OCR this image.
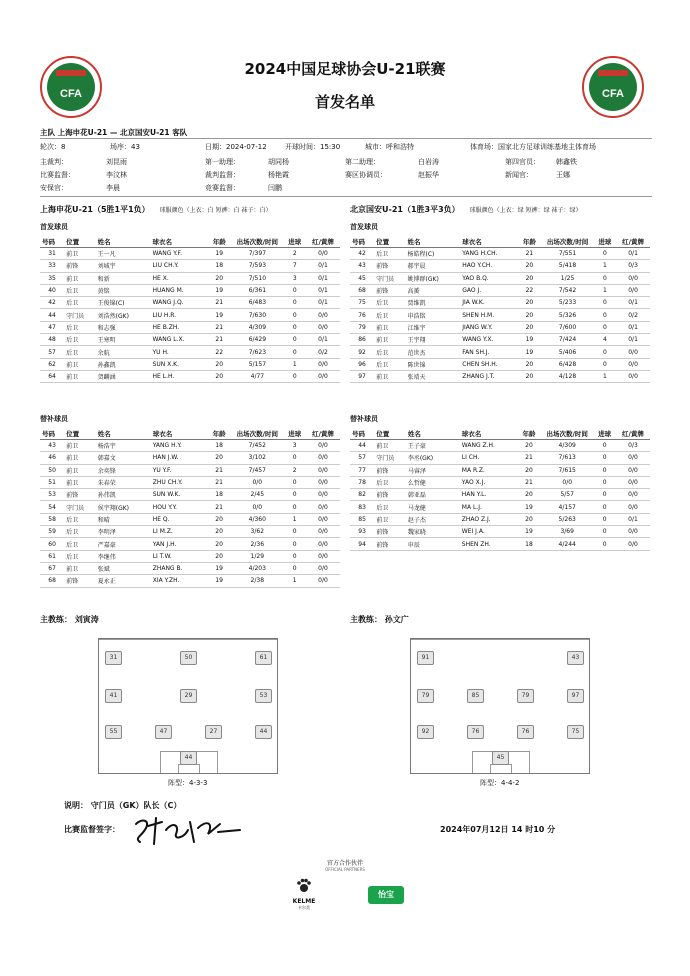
CFA	CFA
2024中国足球协会U-21联赛
首发名单
主队 上海申花U-21 — 北京国安U-21 客队
轮次：8	场序：43	日期：2024-07-12	开球时间：15:30	城市：呼和浩特	体育场：国家北方足球训练基地主体育场
主裁判：	刘昆雨	第一助理：	胡同杨	第二助理：	白岩涛	第四官员： 韩鑫铁
比赛监督：	李汶林	裁判监督：	杨艳霞	赛区协调员：	赵振华	新闻官：	王娜
安保官：	李晨	竞赛监督：	闫鹏
上海申花U-21（5胜1平1负） 球服颜色（上衣：白 短裤：白 袜子：白）
首发球员
号码	位置	姓名	球衣名	年龄	出场次数/时间	进球	红/黄牌
31	前卫	王一凡	WANG Y.F.	19	7/397	2	0/0
33	前锋	刘城宇	LIU CH.Y.	18	7/593	7	0/1
35	前卫	和新	HE X.	20	7/510	3	0/1
40	后卫	黄铭	HUANG M.	19	6/361	0	0/1
42	后卫	王俊锦(C)	WANG J.Q.	21	6/483	0	0/1
44	守门员	刘浩然(GK)	LIU H.R.	19	7/630	0	0/0
47	后卫	和志强	HE B.ZH.	21	4/309	0	0/0
48	后卫	王寒明	WANG L.X.	21	6/429	0	0/1
57	后卫	余航	YU H.	22	7/623	0	0/2
62	前卫	孙鑫凯	SUN X.K.	20	5/157	1	0/0
64	前卫	贺麟涵	HE L.H.	20	4/77	0	0/0
替补球员
号码	位置	姓名	球衣名	年龄	出场次数/时间	进球	红/黄牌
43	前卫	杨浩宇	YANG H.Y.	18	7/452	3	0/0
46	前卫	韩嘉文	HAN J.W.	20	3/102	0	0/0
50	前卫	余奕锋	YU Y.F.	21	7/457	2	0/0
51	前卫	朱春荣	ZHU CH.Y.	21	0/0	0	0/0
53	前锋	孙伟凯	SUN W.K.	18	2/45	0	0/0
54	守门员	侯宇翔(GK)	HOU Y.Y.	21	0/0	0	0/0
58	后卫	和晴	HE Q.	20	4/360	1	0/0
59	后卫	李明泽	LI M.Z.	20	3/62	0	0/0
60	后卫	严嘉豪	YAN J.H.	20	2/36	0	0/0
61	后卫	李继伟	LI T.W.	20	1/29	0	0/0
67	前卫	张斌	ZHANG B.	19	4/203	0	0/0
68	前锋	夏永正	XIA Y.ZH.	19	2/38	1	0/0
北京国安U-21（1胜3平3负） 球服颜色（上衣：绿 短裤：绿 袜子：绿）
首发球员
号码	位置	姓名	球衣名	年龄	出场次数/时间	进球	红/黄牌
42	后卫	杨皓程(C)	YANG H.CH.	21	7/551	0	0/1
43	前锋	郝宇晨	HAO Y.CH.	20	5/418	1	0/3
45	守门员	姚博群(GK)	YAO B.Q.	20	1/25	0	0/0
68	前锋	高赟	GAO J.	22	7/542	1	0/0
75	后卫	贾维凯	JIA W.K.	20	5/233	0	0/1
76	后卫	申浩铭	SHEN H.M.	20	5/326	0	0/2
79	前卫	江维宇	JIANG W.Y.	20	7/600	0	0/1
86	前卫	王宇翔	WANG Y.X.	19	7/424	4	0/1
92	后卫	范世杰	FAN SH.J.	19	5/406	0	0/0
96	后卫	陈世锦	CHEN SH.H.	20	6/428	0	0/0
97	前卫	张靖天	ZHANG J.T.	20	4/128	1	0/0
替补球员
号码	位置	姓名	球衣名	年龄	出场次数/时间	进球	红/黄牌
44	前卫	王子豪	WANG Z.H.	20	4/309	0	0/3
57	守门员	李丞(GK)	LI CH.	21	7/613	0	0/0
77	前锋	马睿泽	MA R.Z.	20	7/615	0	0/0
78	后卫	么哲健	YAO X.J.	21	0/0	0	0/0
82	前锋	韩亚磊	HAN Y.L.	20	5/57	0	0/0
83	后卫	马龙健	MA L.J.	19	4/157	0	0/0
85	前卫	赵子杰	ZHAO Z.J.	20	5/263	0	0/1
93	前锋	魏家晓	WEI J.A.	19	3/69	0	0/0
94	前锋	申辰	SHEN ZH.	18	4/244	0	0/0
主教练： 刘寅涛	主教练： 孙文广
31	50	61
41	29	53
55	47	27	44
44
阵型：4-3-3
91	43
79	85	79	97
92	76	76	75
45
阵型：4-4-2
说明： 守门员（GK）队长（C）
比赛监督签字：	2024年07月12日 14 时10 分
官方合作伙伴
OFFICIAL PARTNERS
KELME
卡尔美
怡宝
